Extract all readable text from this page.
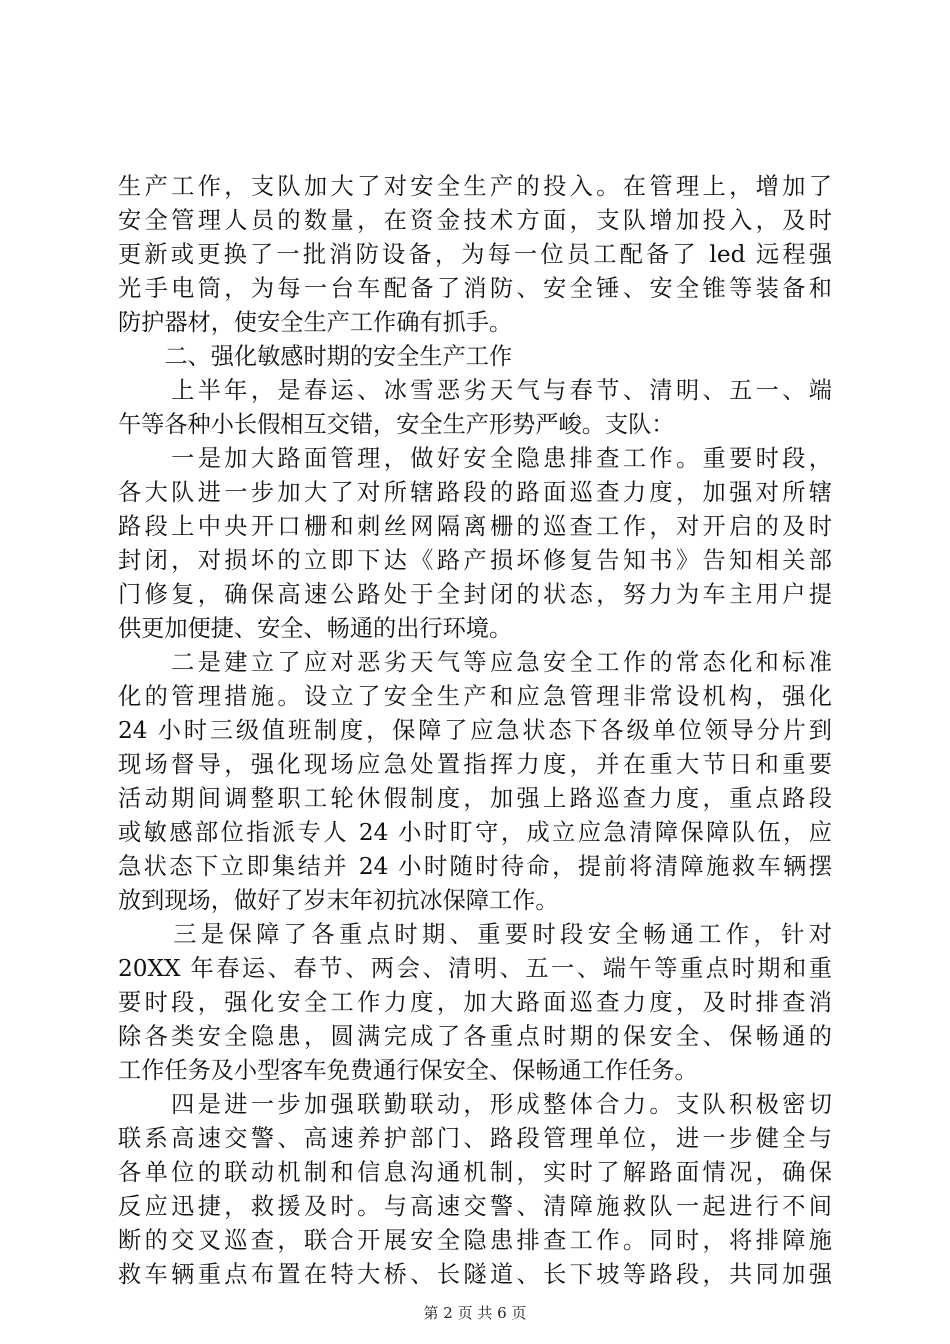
生产工作，支队加大了对安全生产的投入。在管理上，增加了
安全管理人员的数量，在资金技术方面，支队增加投入，及时
更新或更换了一批消防设备，为每一位员工配备了 led 远程强
光手电筒，为每一台车配备了消防、安全锤、安全锥等装备和
防护器材，使安全生产工作确有抓手。
　　二、强化敏感时期的安全生产工作
　　上半年，是春运、冰雪恶劣天气与春节、清明、五一、端
午等各种小长假相互交错，安全生产形势严峻。支队：
　　一是加大路面管理，做好安全隐患排查工作。重要时段，
各大队进一步加大了对所辖路段的路面巡查力度，加强对所辖
路段上中央开口栅和刺丝网隔离栅的巡查工作，对开启的及时
封闭，对损坏的立即下达《路产损坏修复告知书》告知相关部
门修复，确保高速公路处于全封闭的状态，努力为车主用户提
供更加便捷、安全、畅通的出行环境。
　　二是建立了应对恶劣天气等应急安全工作的常态化和标准
化的管理措施。设立了安全生产和应急管理非常设机构，强化
24 小时三级值班制度，保障了应急状态下各级单位领导分片到
现场督导，强化现场应急处置指挥力度，并在重大节日和重要
活动期间调整职工轮休假制度，加强上路巡查力度，重点路段
或敏感部位指派专人 24 小时盯守，成立应急清障保障队伍，应
急状态下立即集结并 24 小时随时待命，提前将清障施救车辆摆
放到现场，做好了岁末年初抗冰保障工作。
　　三是保障了各重点时期、重要时段安全畅通工作，针对
20XX 年春运、春节、两会、清明、五一、端午等重点时期和重
要时段，强化安全工作力度，加大路面巡查力度，及时排查消
除各类安全隐患，圆满完成了各重点时期的保安全、保畅通的
工作任务及小型客车免费通行保安全、保畅通工作任务。
　　四是进一步加强联勤联动，形成整体合力。支队积极密切
联系高速交警、高速养护部门、路段管理单位，进一步健全与
各单位的联动机制和信息沟通机制，实时了解路面情况，确保
反应迅捷，救援及时。与高速交警、清障施救队一起进行不间
断的交叉巡查，联合开展安全隐患排查工作。同时，将排障施
救车辆重点布置在特大桥、长隧道、长下坡等路段，共同加强
第 2 页 共 6 页
